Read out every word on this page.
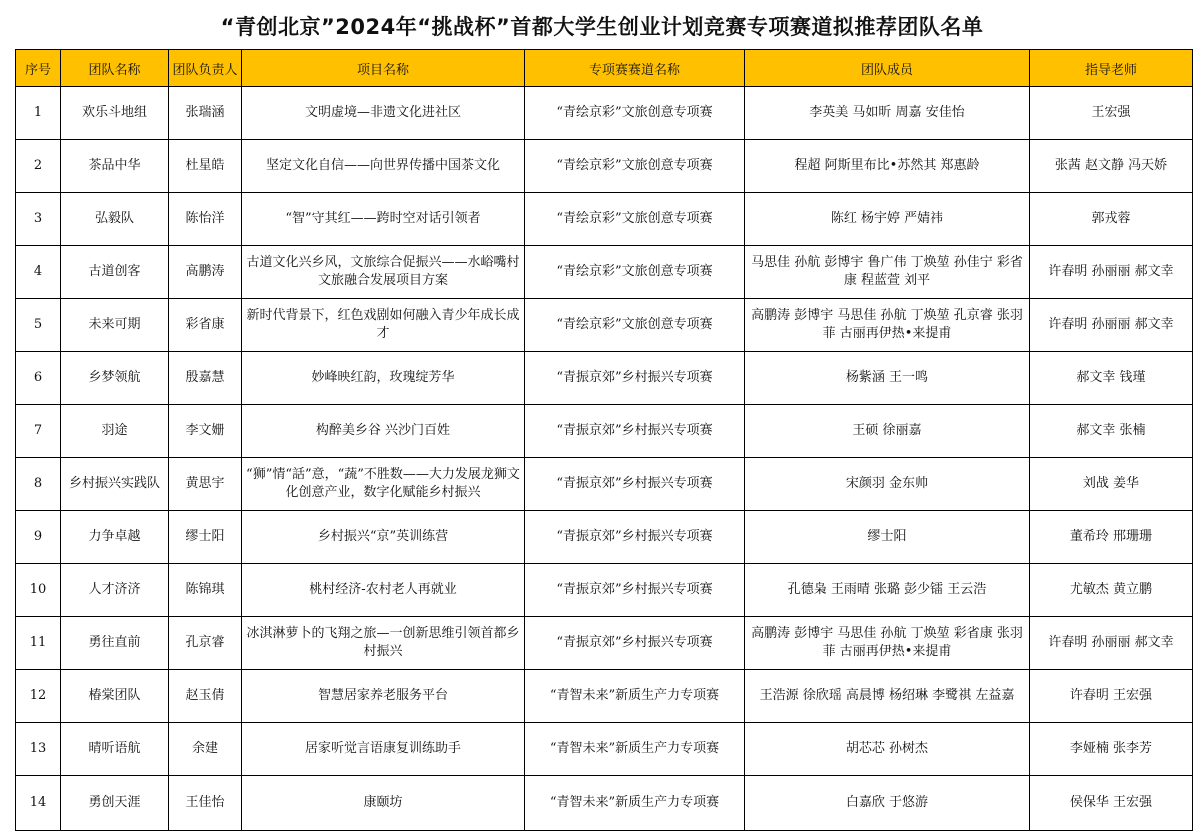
“青创北京”2024年“挑战杯”首都大学生创业计划竞赛专项赛道拟推荐团队名单
序号	团队名称	团队负责人	项目名称	专项赛赛道名称	团队成员	指导老师
1	欢乐斗地组	张瑞涵	文明虚境—非遗文化进社区	“青绘京彩”文旅创意专项赛	李英美 马如昕 周嘉 安佳怡	王宏强
2	茶品中华	杜星皓	坚定文化自信——向世界传播中国茶文化	“青绘京彩”文旅创意专项赛	程超 阿斯里布比•苏然其 郑惠龄	张茜 赵文静 冯天娇
3	弘毅队	陈怡洋	“智”守其红——跨时空对话引领者	“青绘京彩”文旅创意专项赛	陈红 杨宇婷 严婧祎	郭戎蓉
4	古道创客	高鹏涛	古道文化兴乡风，文旅综合促振兴——水峪嘴村文旅融合发展项目方案	“青绘京彩”文旅创意专项赛	马思佳 孙航 彭博宇 鲁广伟 丁焕堃 孙佳宁 彩省康 程蓝萱 刘平	许春明 孙丽丽 郝文幸
5	未来可期	彩省康	新时代背景下，红色戏剧如何融入青少年成长成才	“青绘京彩”文旅创意专项赛	高鹏涛 彭博宇 马思佳 孙航 丁焕堃 孔京睿 张羽菲 古丽再伊热•来提甫	许春明 孙丽丽 郝文幸
6	乡梦领航	殷嘉慧	妙峰映红韵，玫瑰绽芳华	“青振京郊”乡村振兴专项赛	杨紫涵 王一鸣	郝文幸 钱瑾
7	羽途	李文姗	构醉美乡谷 兴沙门百姓	“青振京郊”乡村振兴专项赛	王硕 徐丽嘉	郝文幸 张楠
8	乡村振兴实践队	黄思宇	“狮”情“話”意，“蔬”不胜数——大力发展龙狮文化创意产业，数字化赋能乡村振兴	“青振京郊”乡村振兴专项赛	宋颜羽 金东帅	刘战 姜华
9	力争卓越	缪士阳	乡村振兴“京”英训练营	“青振京郊”乡村振兴专项赛	缪士阳	董希玲 邢珊珊
10	人才济济	陈锦琪	桃村经济-农村老人再就业	“青振京郊”乡村振兴专项赛	孔德枭 王雨晴 张璐 彭少镭 王云浩	尤敏杰 黄立鹏
11	勇往直前	孔京睿	冰淇淋萝卜的飞翔之旅—一创新思维引领首都乡村振兴	“青振京郊”乡村振兴专项赛	高鹏涛 彭博宇 马思佳 孙航 丁焕堃 彩省康 张羽菲 古丽再伊热•来提甫	许春明 孙丽丽 郝文幸
12	椿棠团队	赵玉倩	智慧居家养老服务平台	“青智未来”新质生产力专项赛	王浩源 徐欣瑶 高晨博 杨绍琳 李鹭祺 左益嘉	许春明 王宏强
13	晴听语航	余建	居家听觉言语康复训练助手	“青智未来”新质生产力专项赛	胡芯芯 孙树杰	李娅楠 张李芳
14	勇创天涯	王佳怡	康颐坊	“青智未来”新质生产力专项赛	白嘉欣 于悠游	侯保华 王宏强
